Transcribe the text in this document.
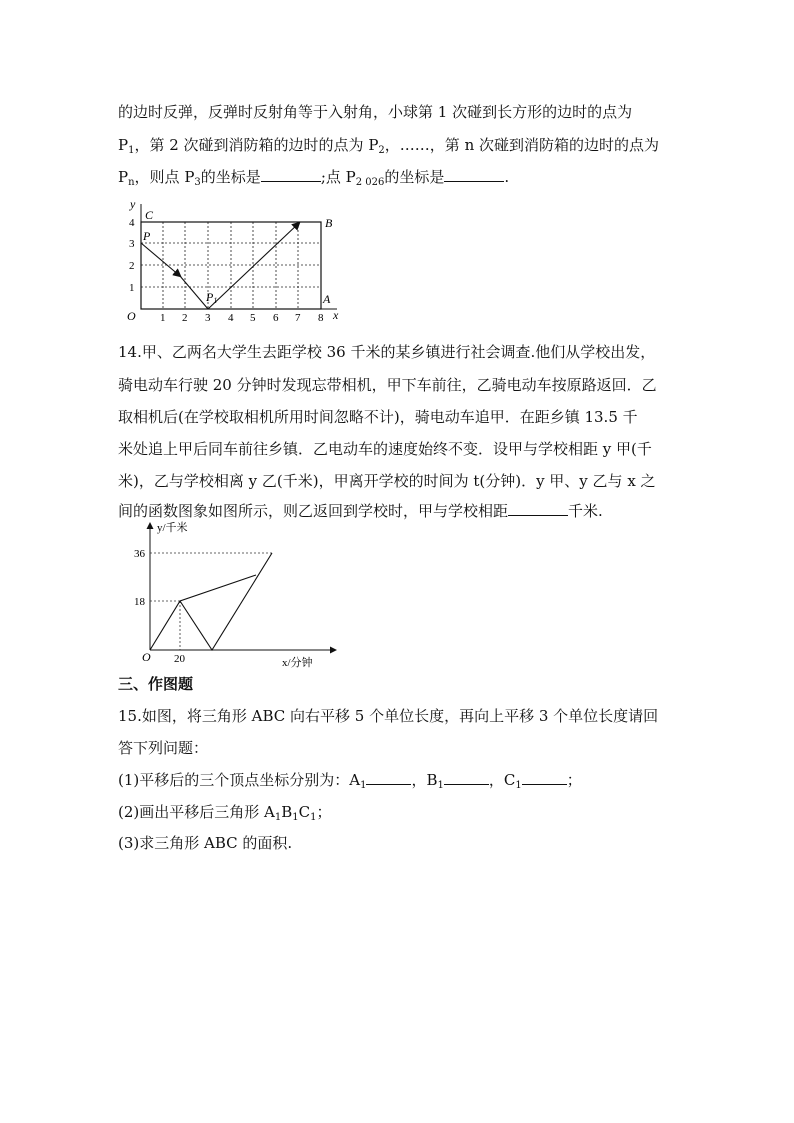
的边时反弹，反弹时反射角等于入射角，小球第 1 次碰到长方形的边时的点为
$P_1$，第 2 次碰到消防箱的边时的点为 $P_2$，……，第 n 次碰到消防箱的边时的点为
$P_n$，则点 $P_3$的坐标是	;点 $P_{2 026}$的坐标是	.
y
x
O
4
3
2
1
1 2 3 4 5 6 7 8
C
B
A
P
P1
14.甲、乙两名大学生去距学校 36 千米的某乡镇进行社会调查.他们从学校出发，
骑电动车行驶 20 分钟时发现忘带相机，甲下车前往，乙骑电动车按原路返回．乙
取相机后(在学校取相机所用时间忽略不计)，骑电动车追甲．在距乡镇 13.5 千
米处追上甲后同车前往乡镇．乙电动车的速度始终不变．设甲与学校相距 y 甲(千
米)，乙与学校相离 y 乙(千米)，甲离开学校的时间为 t(分钟)．y 甲、y 乙与 x 之
间的函数图象如图所示，则乙返回到学校时，甲与学校相距	千米.
y/千米
x/分钟
O
36
18
20
三、作图题
15.如图，将三角形 ABC 向右平移 5 个单位长度，再向上平移 3 个单位长度请回
答下列问题：
(1)平移后的三个顶点坐标分别为：$A_1$	，$B_1$	，$C_1$	；
(2)画出平移后三角形 $A_1B_1C_1$；
(3)求三角形 ABC 的面积.
